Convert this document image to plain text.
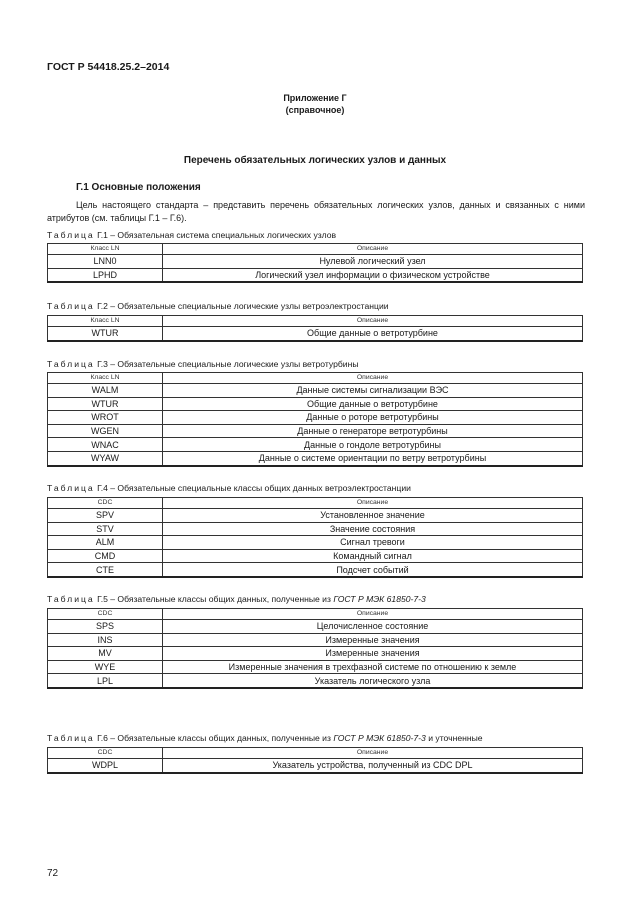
ГОСТ Р 54418.25.2–2014
Приложение Г
(справочное)
Перечень обязательных логических узлов и данных
Г.1 Основные положения
Цель настоящего стандарта – представить перечень обязательных логических узлов, данных и связанных с ними атрибутов (см. таблицы Г.1 – Г.6).
Таблица Г.1 – Обязательная система специальных логических узлов
Класс LN	Описание
LNN0	Нулевой логический узел
LPHD	Логический узел информации о физическом устройстве
Таблица Г.2 – Обязательные специальные логические узлы ветроэлектростанции
Класс LN	Описание
WTUR	Общие данные о ветротурбине
Таблица Г.3 – Обязательные специальные логические узлы ветротурбины
Класс LN	Описание
WALM	Данные системы сигнализации ВЭС
WTUR	Общие данные о ветротурбине
WROT	Данные о роторе ветротурбины
WGEN	Данные о генераторе ветротурбины
WNAC	Данные о гондоле ветротурбины
WYAW	Данные о системе ориентации по ветру ветротурбины
Таблица Г.4 – Обязательные специальные классы общих данных ветроэлектростанции
CDC	Описание
SPV	Установленное значение
STV	Значение состояния
ALM	Сигнал тревоги
CMD	Командный сигнал
CTE	Подсчет событий
Таблица Г.5 – Обязательные классы общих данных, полученные из ГОСТ Р МЭК 61850-7-3
CDC	Описание
SPS	Целочисленное состояние
INS	Измеренные значения
MV	Измеренные значения
WYE	Измеренные значения в трехфазной системе по отношению к земле
LPL	Указатель логического узла
Таблица Г.6 – Обязательные классы общих данных, полученные из ГОСТ Р МЭК 61850-7-3 и уточненные
CDC	Описание
WDPL	Указатель устройства, полученный из CDC DPL
72
